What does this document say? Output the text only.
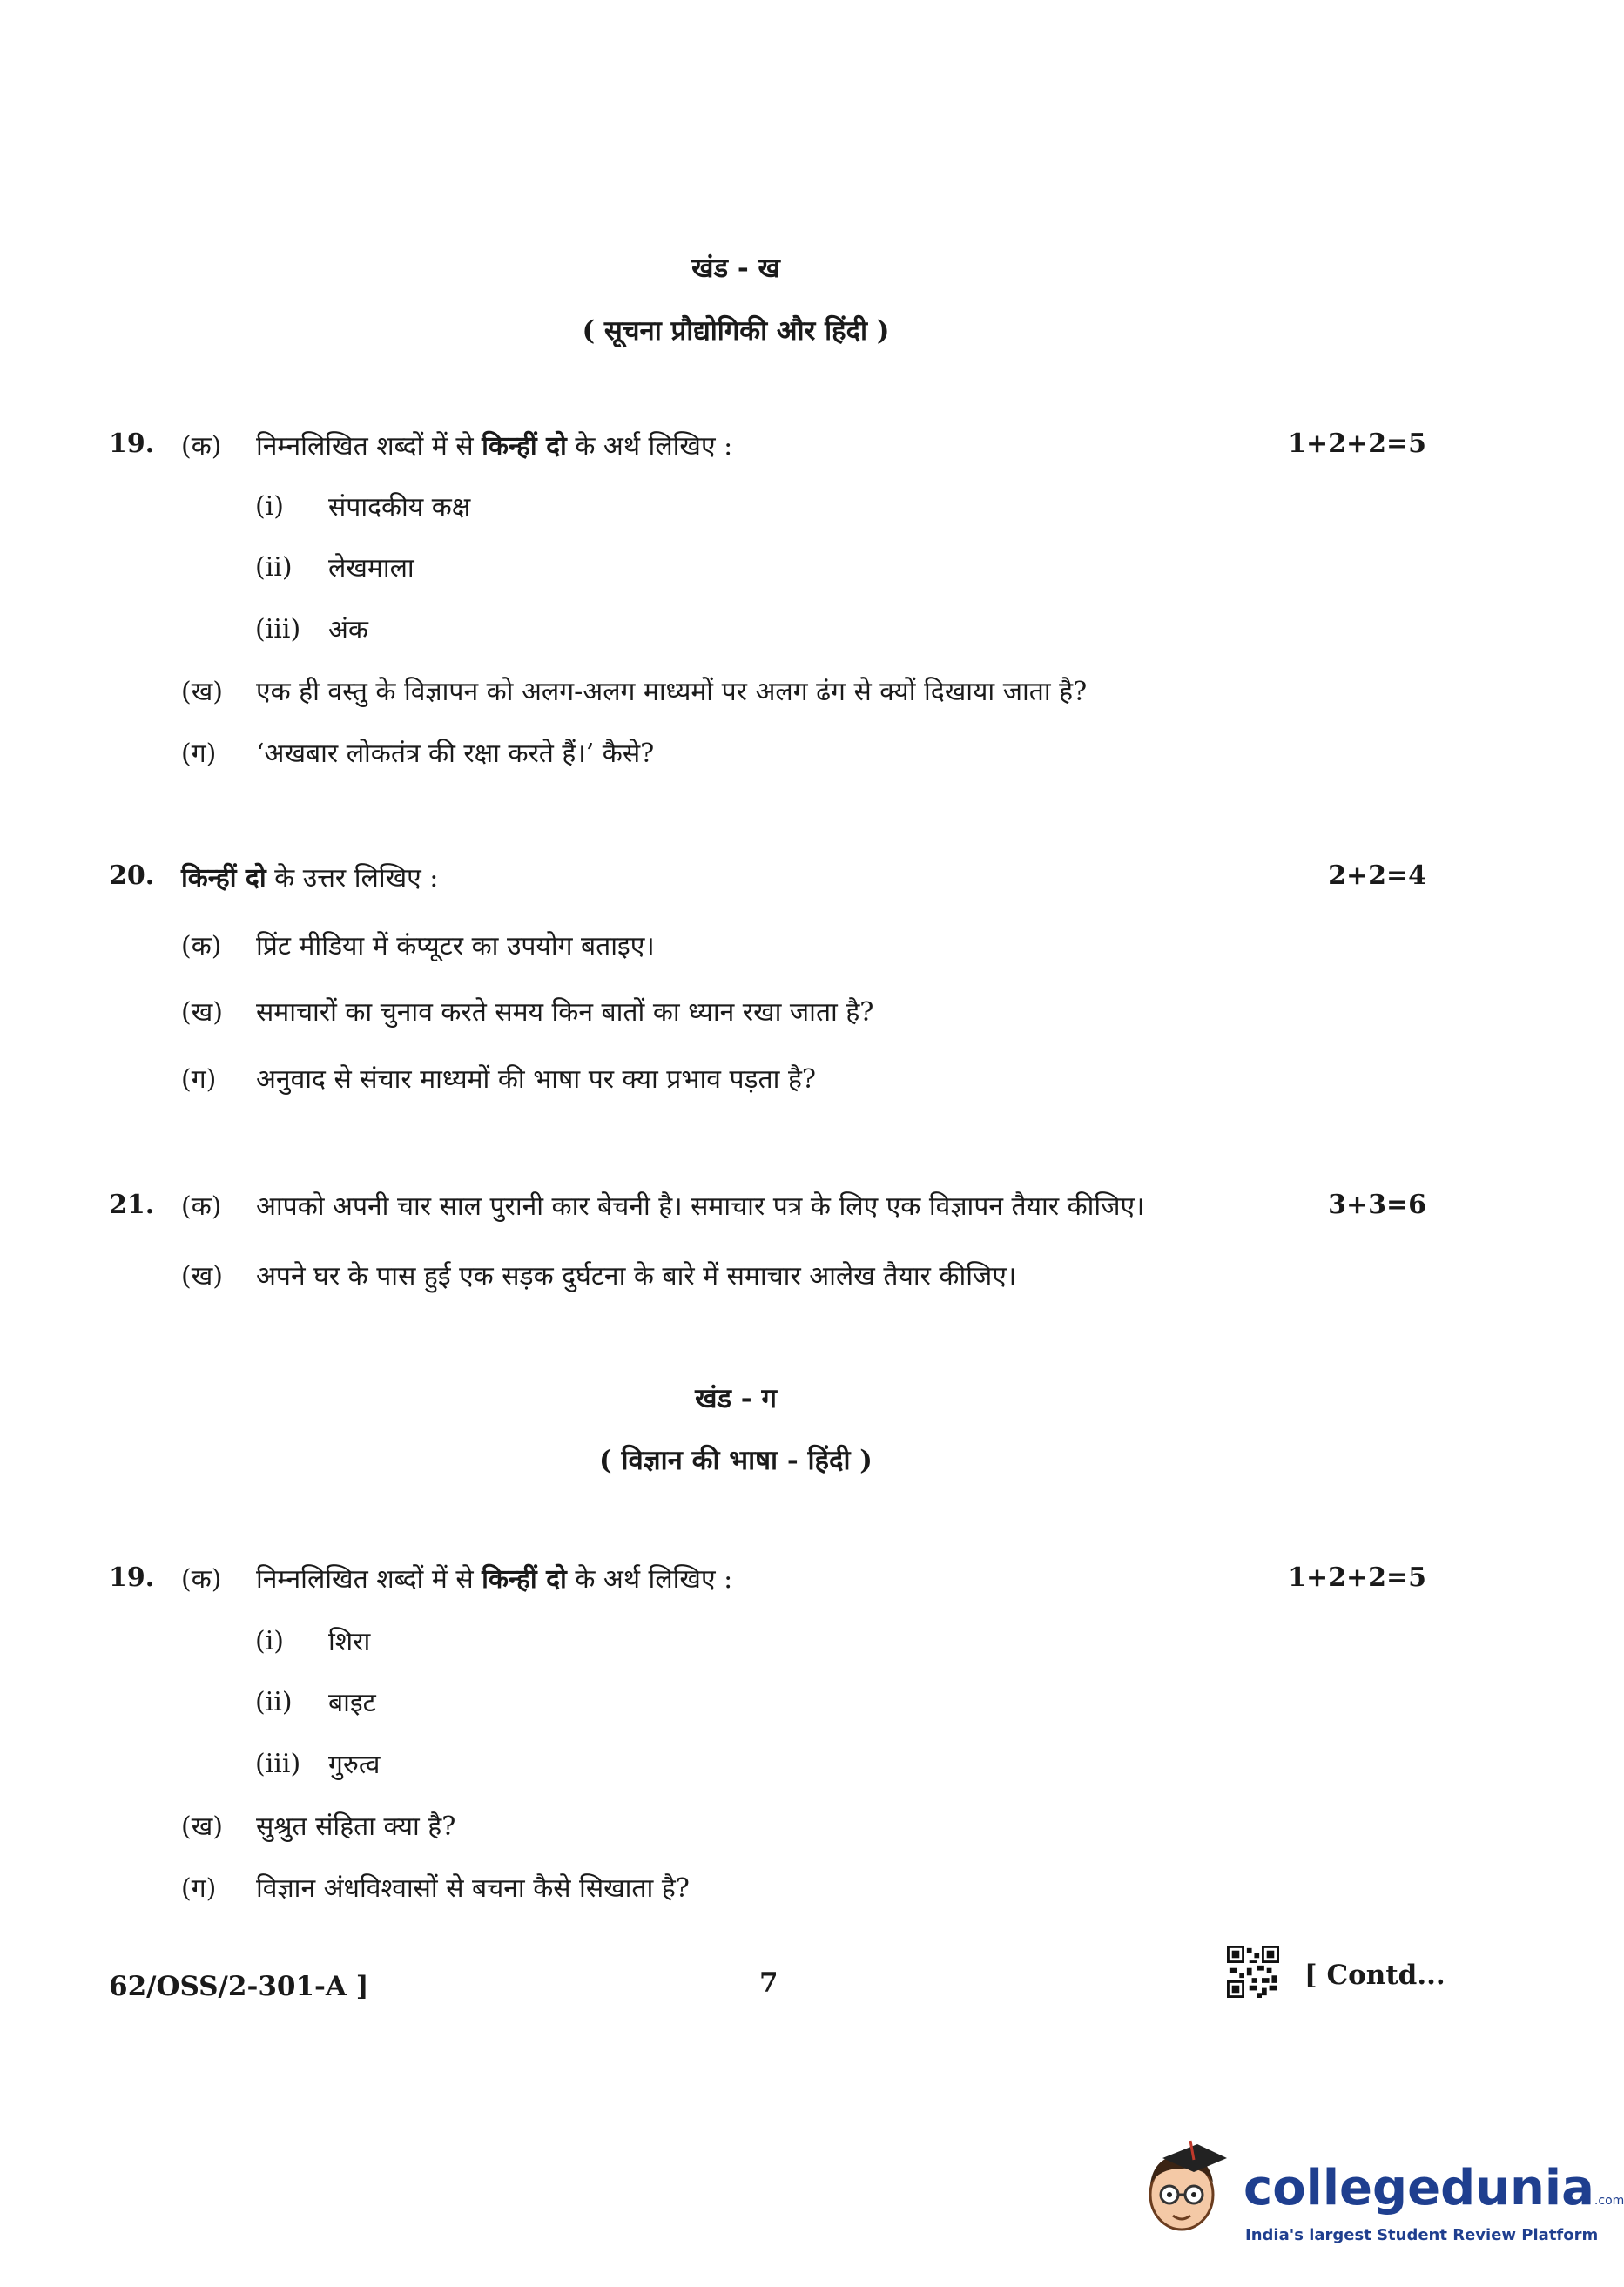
खंड - ख
( सूचना प्रौद्योगिकी और हिंदी )
19. (क) निम्नलिखित शब्दों में से किन्हीं दो के अर्थ लिखिए :	1+2+2=5
(i) संपादकीय कक्ष
(ii) लेखमाला
(iii) अंक
(ख) एक ही वस्तु के विज्ञापन को अलग-अलग माध्यमों पर अलग ढंग से क्यों दिखाया जाता है?
(ग) ‘अखबार लोकतंत्र की रक्षा करते हैं।’ कैसे?
20. किन्हीं दो के उत्तर लिखिए :	2+2=4
(क) प्रिंट मीडिया में कंप्यूटर का उपयोग बताइए।
(ख) समाचारों का चुनाव करते समय किन बातों का ध्यान रखा जाता है?
(ग) अनुवाद से संचार माध्यमों की भाषा पर क्या प्रभाव पड़ता है?
21. (क) आपको अपनी चार साल पुरानी कार बेचनी है। समाचार पत्र के लिए एक विज्ञापन तैयार कीजिए।	3+3=6
(ख) अपने घर के पास हुई एक सड़क दुर्घटना के बारे में समाचार आलेख तैयार कीजिए।
खंड - ग
( विज्ञान की भाषा - हिंदी )
19. (क) निम्नलिखित शब्दों में से किन्हीं दो के अर्थ लिखिए :	1+2+2=5
(i) शिरा
(ii) बाइट
(iii) गुरुत्व
(ख) सुश्रुत संहिता क्या है?
(ग) विज्ञान अंधविश्वासों से बचना कैसे सिखाता है?
62/OSS/2-301-A ]	7	[ Contd...
collegedunia.com
India's largest Student Review Platform
